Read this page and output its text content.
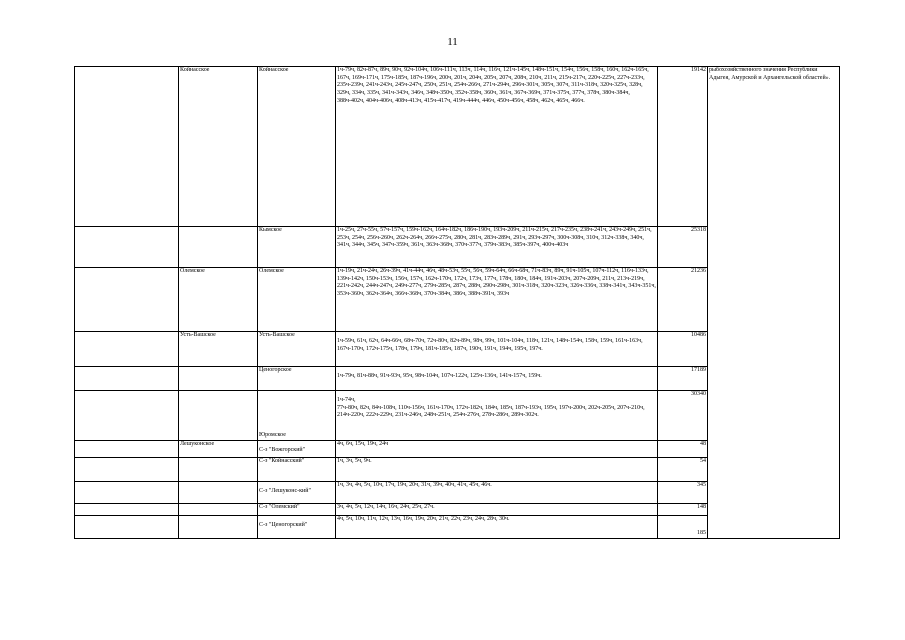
11
	Койнасское	Койнасское	1ч-79ч, 82ч-87ч, 89ч, 90ч, 92ч-104ч, 106ч-111ч, 113ч, 114ч, 116ч, 121ч-145ч, 148ч-151ч, 154ч, 156ч, 158ч, 160ч, 162ч-165ч, 167ч, 169ч-171ч, 175ч-185ч, 187ч-196ч, 200ч, 201ч, 204ч, 205ч, 207ч, 208ч, 210ч, 211ч, 215ч-217ч, 220ч-225ч, 227ч-233ч, 235ч-239ч, 241ч-243ч, 245ч-247ч, 250ч, 251ч, 254ч-266ч, 271ч-294ч, 296ч-301ч, 305ч, 307ч, 311ч-318ч, 320ч-325ч, 328ч, 329ч, 334ч, 335ч, 341ч-343ч, 346ч, 348ч-350ч, 352ч-358ч, 360ч, 361ч, 367ч-369ч, 371ч-375ч, 377ч, 378ч, 380ч-384ч, 388ч-402ч, 404ч-406ч, 408ч-413ч, 415ч-417ч, 419ч-444ч, 446ч, 450ч-456ч, 458ч, 462ч, 465ч, 466ч.	19142	рыбохозяйственного значения Республики Адыгея, Амурской и Архангельской областей».
		Кымское	1ч-25ч, 27ч-55ч, 57ч-157ч, 159ч-162ч, 164ч-182ч, 186ч-190ч, 193ч-209ч, 211ч-215ч, 217ч-235ч, 238ч-241ч, 243ч-249ч, 251ч, 253ч, 254ч, 256ч-260ч, 262ч-264ч, 266ч-275ч, 280ч, 281ч, 283ч-289ч, 291ч, 293ч-297ч, 300ч-308ч, 310ч, 312ч-338ч, 340ч, 341ч, 344ч, 345ч, 347ч-359ч, 361ч, 363ч-368ч, 370ч-377ч, 379ч-383ч, 385ч-397ч, 400ч-403ч	25318	
	Олемское	Олемское	1ч-19ч, 21ч-24ч, 26ч-39ч, 41ч-44ч, 46ч, 48ч-53ч, 55ч, 56ч, 59ч-64ч, 66ч-68ч, 71ч-83ч, 89ч, 91ч-105ч, 107ч-112ч, 116ч-133ч, 139ч-142ч, 150ч-153ч, 156ч, 157ч, 162ч-170ч, 172ч, 173ч, 177ч, 178ч, 180ч, 184ч, 191ч-203ч, 207ч-209ч, 211ч, 213ч-219ч, 221ч-242ч, 244ч-247ч, 249ч-277ч, 279ч-285ч, 287ч, 288ч, 290ч-298ч, 301ч-318ч, 320ч-323ч, 326ч-336ч, 338ч-341ч, 343ч-351ч, 353ч-360ч, 362ч-364ч, 366ч-368ч, 370ч-384ч, 386ч, 388ч-391ч, 393ч	21236	
	Усть-Вашское	Усть-Вашское	1ч-59ч, 61ч, 62ч, 64ч-66ч, 68ч-70ч, 72ч-80ч, 82ч-89ч, 98ч, 99ч, 101ч-104ч, 118ч, 121ч, 148ч-154ч, 158ч, 159ч, 161ч-163ч, 167ч-170ч, 172ч-175ч, 178ч, 179ч, 181ч-185ч, 187ч, 190ч, 191ч, 194ч, 195ч, 197ч.	10486	
		Ценогорское	1ч-79ч, 81ч-88ч, 91ч-93ч, 95ч, 98ч-104ч, 107ч-122ч, 125ч-136ч, 141ч-157ч, 159ч.	17189	
		Юромское	1ч-74ч,
77ч-80ч, 82ч, 84ч-108ч, 110ч-156ч, 161ч-170ч, 172ч-182ч, 184ч, 185ч, 187ч-193ч, 195ч, 197ч-200ч, 202ч-205ч, 207ч-210ч, 214ч-220ч, 222ч-229ч, 231ч-246ч, 248ч-251ч, 254ч-276ч, 278ч-286ч, 289ч-302ч.	30340	
	Лешуконское	С-з "Вожгорский"	4ч, 6ч, 15ч, 19ч, 24ч	48	
		С-з "Койнасский"	1ч, 3ч, 5ч, 9ч.	54	
		С-з "Лешуконс-кий"	1ч, 3ч, 4ч, 5ч, 10ч, 17ч, 19ч, 20ч, 31ч, 39ч, 40ч, 41ч, 45ч, 46ч.	345	
		С-з "Олемский"	3ч, 4ч, 5ч, 12ч, 14ч, 16ч, 24ч, 25ч, 27ч.	148	
		С-з "Ценогорский"	4ч, 5ч, 10ч, 11ч, 12ч, 13ч, 16ч, 19ч, 20ч, 21ч, 22ч, 23ч, 24ч, 28ч, 30ч.	185	
